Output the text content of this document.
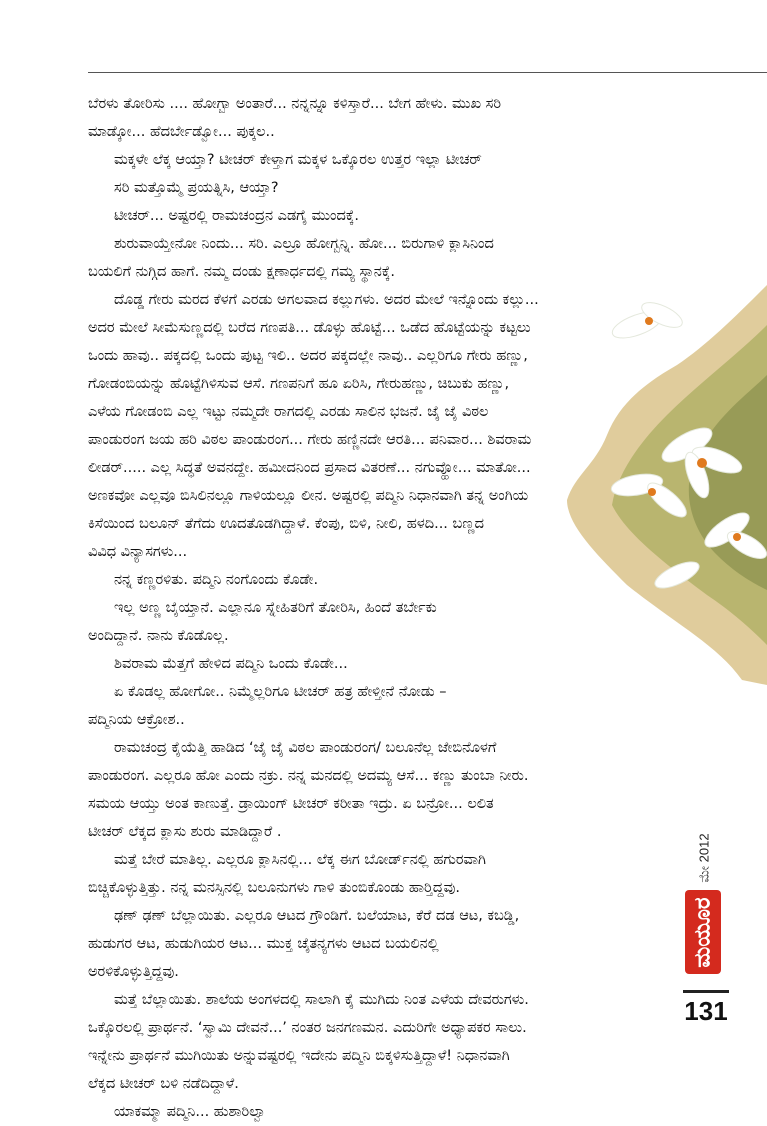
ಬೆರಳು ತೋರಿಸು .... ಹೋಗ್ಬಾ ಅಂತಾರೆ... ನನ್ನನ್ನೂ ಕಳಿಸ್ತಾರೆ... ಬೇಗ ಹೇಳು. ಮುಖ ಸರಿ

ಮಾಡ್ಕೋ... ಹೆದರ್ಬೇಡ್ವೋ... ಪುಕ್ಕಲ..

ಮಕ್ಕಳೇ ಲೆಕ್ಕ ಆಯ್ತಾ? ಟೀಚರ್ ಕೇಳ್ತಾಗ ಮಕ್ಕಳ ಒಕ್ಕೊರಲ ಉತ್ತರ ಇಲ್ಲಾ ಟೀಚರ್

ಸರಿ ಮತ್ತೊಮ್ಮೆ ಪ್ರಯತ್ನಿಸಿ, ಆಯ್ತಾ?

ಟೀಚರ್... ಅಷ್ಟರಲ್ಲಿ ರಾಮಚಂದ್ರನ ಎಡಗೈ ಮುಂದಕ್ಕೆ.

ಶುರುವಾಯ್ತೇನೋ ನಿಂದು... ಸರಿ. ಎಲ್ರೂ ಹೋಗ್ಬನ್ನಿ. ಹೋ... ಬಿರುಗಾಳಿ ಕ್ಲಾಸಿನಿಂದ

ಬಯಲಿಗೆ ನುಗ್ಗಿದ ಹಾಗೆ. ನಮ್ಮ ದಂಡು ಕ್ಷಣಾರ್ಧದಲ್ಲಿ ಗಮ್ಯ ಸ್ಥಾನಕ್ಕೆ.

ದೊಡ್ಡ ಗೇರು ಮರದ ಕೆಳಗೆ ಎರಡು ಅಗಲವಾದ ಕಲ್ಲುಗಳು. ಅದರ ಮೇಲೆ ಇನ್ನೊಂದು ಕಲ್ಲು...

ಅದರ ಮೇಲೆ ಸೀಮೆಸುಣ್ಣದಲ್ಲಿ ಬರೆದ ಗಣಪತಿ... ಡೊಳ್ಳು ಹೊಟ್ಟೆ... ಒಡೆದ ಹೊಟ್ಟೆಯನ್ನು ಕಟ್ಟಲು

ಒಂದು ಹಾವು.. ಪಕ್ಕದಲ್ಲಿ ಒಂದು ಪುಟ್ಟ ಇಲಿ.. ಅದರ ಪಕ್ಕದಲ್ಲೇ ನಾವು.. ಎಲ್ಲರಿಗೂ ಗೇರು ಹಣ್ಣು,

ಗೋಡಂಬಿಯನ್ನು ಹೊಟ್ಟೆಗಿಳಿಸುವ ಆಸೆ. ಗಣಪನಿಗೆ ಹೂ ಏರಿಸಿ, ಗೇರುಹಣ್ಣು, ಚಿಬುಕು ಹಣ್ಣು,

ಎಳೆಯ ಗೋಡಂಬಿ ಎಲ್ಲ ಇಟ್ಟು ನಮ್ಮದೇ ರಾಗದಲ್ಲಿ ಎರಡು ಸಾಲಿನ ಭಜನೆ. ಜೈ ಜೈ ವಿಠಲ

ಪಾಂಡುರಂಗ ಜಯ ಹರಿ ವಿಠಲ ಪಾಂಡುರಂಗ... ಗೇರು ಹಣ್ಣಿನದೇ ಆರತಿ... ಪನಿವಾರ... ಶಿವರಾಮ

ಲೀಡರ್..... ಎಲ್ಲ ಸಿದ್ಧತೆ ಅವನದ್ದೇ. ಹಮೀದನಿಂದ ಪ್ರಸಾದ ವಿತರಣೆ... ನಗುವ್ಹೋ... ಮಾತೋ...

ಅಣಕವೋ ಎಲ್ಲವೂ ಬಿಸಿಲಿನಲ್ಲೂ ಗಾಳಿಯಲ್ಲೂ ಲೀನ. ಅಷ್ಟರಲ್ಲಿ ಪದ್ಮಿನಿ ನಿಧಾನವಾಗಿ ತನ್ನ ಅಂಗಿಯ

ಕಿಸೆಯಿಂದ ಬಲೂನ್ ತೆಗೆದು ಊದತೊಡಗಿದ್ದಾಳೆ. ಕೆಂಪು, ಬಿಳಿ, ನೀಲಿ, ಹಳದಿ... ಬಣ್ಣದ

ವಿವಿಧ ವಿನ್ಯಾಸಗಳು...

ನನ್ನ ಕಣ್ಣರಳಿತು. ಪದ್ಮಿನಿ ನಂಗೊಂದು ಕೊಡೇ.

ಇಲ್ಲ ಅಣ್ಣ ಬೈಯ್ತಾನೆ. ಎಲ್ಲಾನೂ ಸ್ನೇಹಿತರಿಗೆ ತೋರಿಸಿ, ಹಿಂದೆ ತರ್ಬೇಕು

ಅಂದಿದ್ದಾನೆ. ನಾನು ಕೊಡೊಲ್ಲ.

ಶಿವರಾಮ ಮೆತ್ತಗೆ ಹೇಳಿದ ಪದ್ಮಿನಿ ಒಂದು ಕೊಡೇ...

ಏ ಕೊಡಲ್ಲ ಹೋಗೋ.. ನಿಮ್ಮೆಲ್ಲರಿಗೂ ಟೀಚರ್ ಹತ್ರ ಹೇಳ್ತೀನೆ ನೋಡು –

ಪದ್ಮಿನಿಯ ಆಕ್ರೋಶ..

ರಾಮಚಂದ್ರ ಕೈಯೆತ್ತಿ ಹಾಡಿದ ‘ಜೈ ಜೈ ವಿಠಲ ಪಾಂಡುರಂಗ/ ಬಲೂನೆಲ್ಲ ಜೇಬಿನೊಳಗೆ

ಪಾಂಡುರಂಗ. ಎಲ್ಲರೂ ಹೋ ಎಂದು ನಕ್ರು. ನನ್ನ ಮನದಲ್ಲಿ ಅದಮ್ಯ ಆಸೆ... ಕಣ್ಣು ತುಂಬಾ ನೀರು.

ಸಮಯ ಆಯ್ತು ಅಂತ ಕಾಣುತ್ತೆ. ಡ್ರಾಯಿಂಗ್ ಟೀಚರ್ ಕರೀತಾ ಇದ್ರು. ಏ ಬನ್ರೋ... ಲಲಿತ

ಟೀಚರ್ ಲೆಕ್ಕದ ಕ್ಲಾಸು ಶುರು ಮಾಡಿದ್ದಾರೆ .

ಮತ್ತೆ ಬೇರೆ ಮಾತಿಲ್ಲ. ಎಲ್ಲರೂ ಕ್ಲಾಸಿನಲ್ಲಿ... ಲೆಕ್ಕ ಈಗ ಬೋರ್ಡ್‌ನಲ್ಲಿ ಹಗುರವಾಗಿ

ಬಿಚ್ಚಿಕೊಳ್ಳುತ್ತಿತ್ತು. ನನ್ನ ಮನಸ್ಸಿನಲ್ಲಿ ಬಲೂನುಗಳು ಗಾಳಿ ತುಂಬಿಕೊಂಡು ಹಾರ್‍ತಿದ್ದವು.

ಢಣ್ ಢಣ್ ಬೆಲ್ಲಾಯಿತು. ಎಲ್ಲರೂ ಆಟದ ಗ್ರೌಂಡಿಗೆ. ಬಲೆಯಾಟ, ಕೆರೆ ದಡ ಆಟ, ಕಬಡ್ಡಿ,

ಹುಡುಗರ ಆಟ, ಹುಡುಗಿಯರ ಆಟ... ಮುಕ್ತ ಚೈತನ್ಯಗಳು ಆಟದ ಬಯಲಿನಲ್ಲಿ

ಅರಳಿಕೊಳ್ಳುತ್ತಿದ್ದವು.

ಮತ್ತೆ ಬೆಲ್ಲಾಯಿತು. ಶಾಲೆಯ ಅಂಗಳದಲ್ಲಿ ಸಾಲಾಗಿ ಕೈ ಮುಗಿದು ನಿಂತ ಎಳೆಯ ದೇವರುಗಳು.

ಒಕ್ಕೊರಲಲ್ಲಿ ಪ್ರಾರ್ಥನೆ. ‘ಸ್ವಾಮಿ ದೇವನೆ...’ ನಂತರ ಜನಗಣಮನ. ಎದುರಿಗೇ ಅಧ್ಯಾಪಕರ ಸಾಲು.

ಇನ್ನೇನು ಪ್ರಾರ್ಥನೆ ಮುಗಿಯಿತು ಅನ್ನುವಷ್ಟರಲ್ಲಿ ಇದೇನು ಪದ್ಮಿನಿ ಬಿಕ್ಕಳಿಸುತ್ತಿದ್ದಾಳೆ! ನಿಧಾನವಾಗಿ

ಲೆಕ್ಕದ ಟೀಚರ್ ಬಳಿ ನಡೆದಿದ್ದಾಳೆ.

ಯಾಕಮ್ಮಾ ಪದ್ಮಿನಿ... ಹುಶಾರಿಲ್ವಾ

ಮೇ 2012
ಮಯೂರ
131
